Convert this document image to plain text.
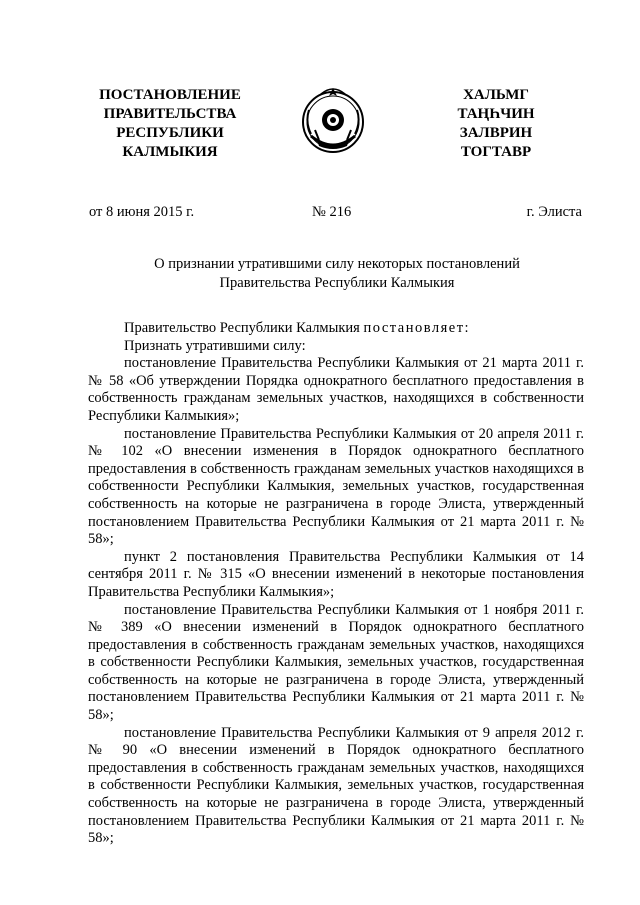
ПОСТАНОВЛЕНИЕ
ПРАВИТЕЛЬСТВА
РЕСПУБЛИКИ
КАЛМЫКИЯ
ХАЛЬМГ
ТАҢҺЧИН
ЗАЛВРИН
ТОГТАВР
от 8 июня 2015 г.	№ 216	г. Элиста
О признании утратившими силу некоторых постановлений
Правительства Республики Калмыкия

Правительство Республики Калмыкия постановляет:

Признать утратившими силу:

постановление Правительства Республики Калмыкия от 21 марта 2011 г. № 58 «Об утверждении Порядка однократного бесплатного предоставления в собственность гражданам земельных участков, находящихся в собственности Республики Калмыкия»;

постановление Правительства Республики Калмыкия от 20 апреля 2011 г. № 102 «О внесении изменения в Порядок однократного бесплатного предоставления в собственность гражданам земельных участков находящихся в собственности Республики Калмыкия, земельных участков, государственная собственность на которые не разграничена в городе Элиста, утвержденный постановлением Правительства Республики Калмыкия от 21 марта 2011 г. № 58»;

пункт 2 постановления Правительства Республики Калмыкия от 14 сентября 2011 г. № 315 «О внесении изменений в некоторые постановления Правительства Республики Калмыкия»;

постановление Правительства Республики Калмыкия от 1 ноября 2011 г. № 389 «О внесении изменений в Порядок однократного бесплатного предоставления в собственность гражданам земельных участков, находящихся в собственности Республики Калмыкия, земельных участков, государственная собственность на которые не разграничена в городе Элиста, утвержденный постановлением Правительства Республики Калмыкия от 21 марта 2011 г. № 58»;

постановление Правительства Республики Калмыкия от 9 апреля 2012 г. № 90 «О внесении изменений в Порядок однократного бесплатного предоставления в собственность гражданам земельных участков, находящихся в собственности Республики Калмыкия, земельных участков, государственная собственность на которые не разграничена в городе Элиста, утвержденный постановлением Правительства Республики Калмыкия от 21 марта 2011 г. № 58»;
